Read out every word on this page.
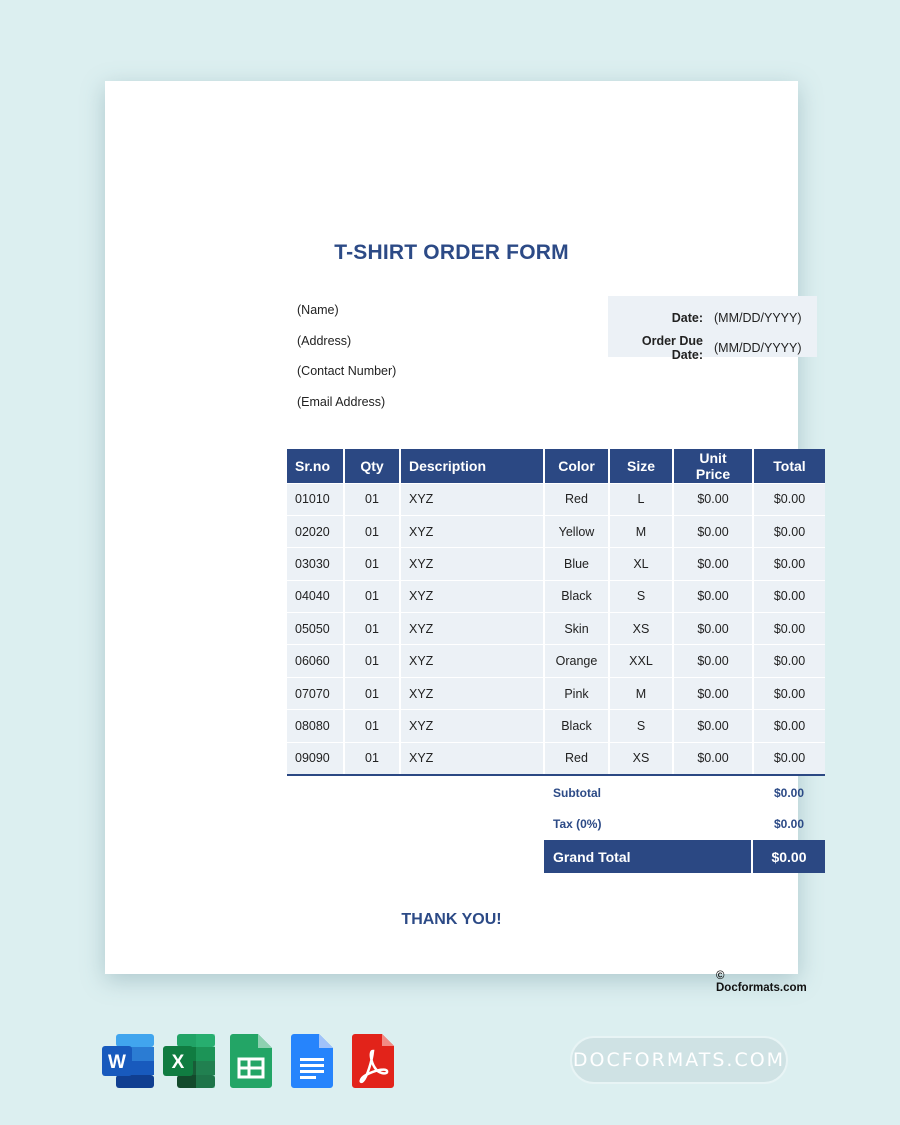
T-SHIRT ORDER FORM
(Name)
(Address)
(Contact Number)
(Email Address)
Date: (MM/DD/YYYY)
Order Due Date: (MM/DD/YYYY)
Sr.no	Qty	Description	Color	Size	Unit Price	Total
01010	01	XYZ	Red	L	$0.00	$0.00
02020	01	XYZ	Yellow	M	$0.00	$0.00
03030	01	XYZ	Blue	XL	$0.00	$0.00
04040	01	XYZ	Black	S	$0.00	$0.00
05050	01	XYZ	Skin	XS	$0.00	$0.00
06060	01	XYZ	Orange	XXL	$0.00	$0.00
07070	01	XYZ	Pink	M	$0.00	$0.00
08080	01	XYZ	Black	S	$0.00	$0.00
09090	01	XYZ	Red	XS	$0.00	$0.00
Subtotal	$0.00
Tax (0%)	$0.00
Grand Total	$0.00
THANK YOU!
© Docformats.com
W X	DOCFORMATS.COM
